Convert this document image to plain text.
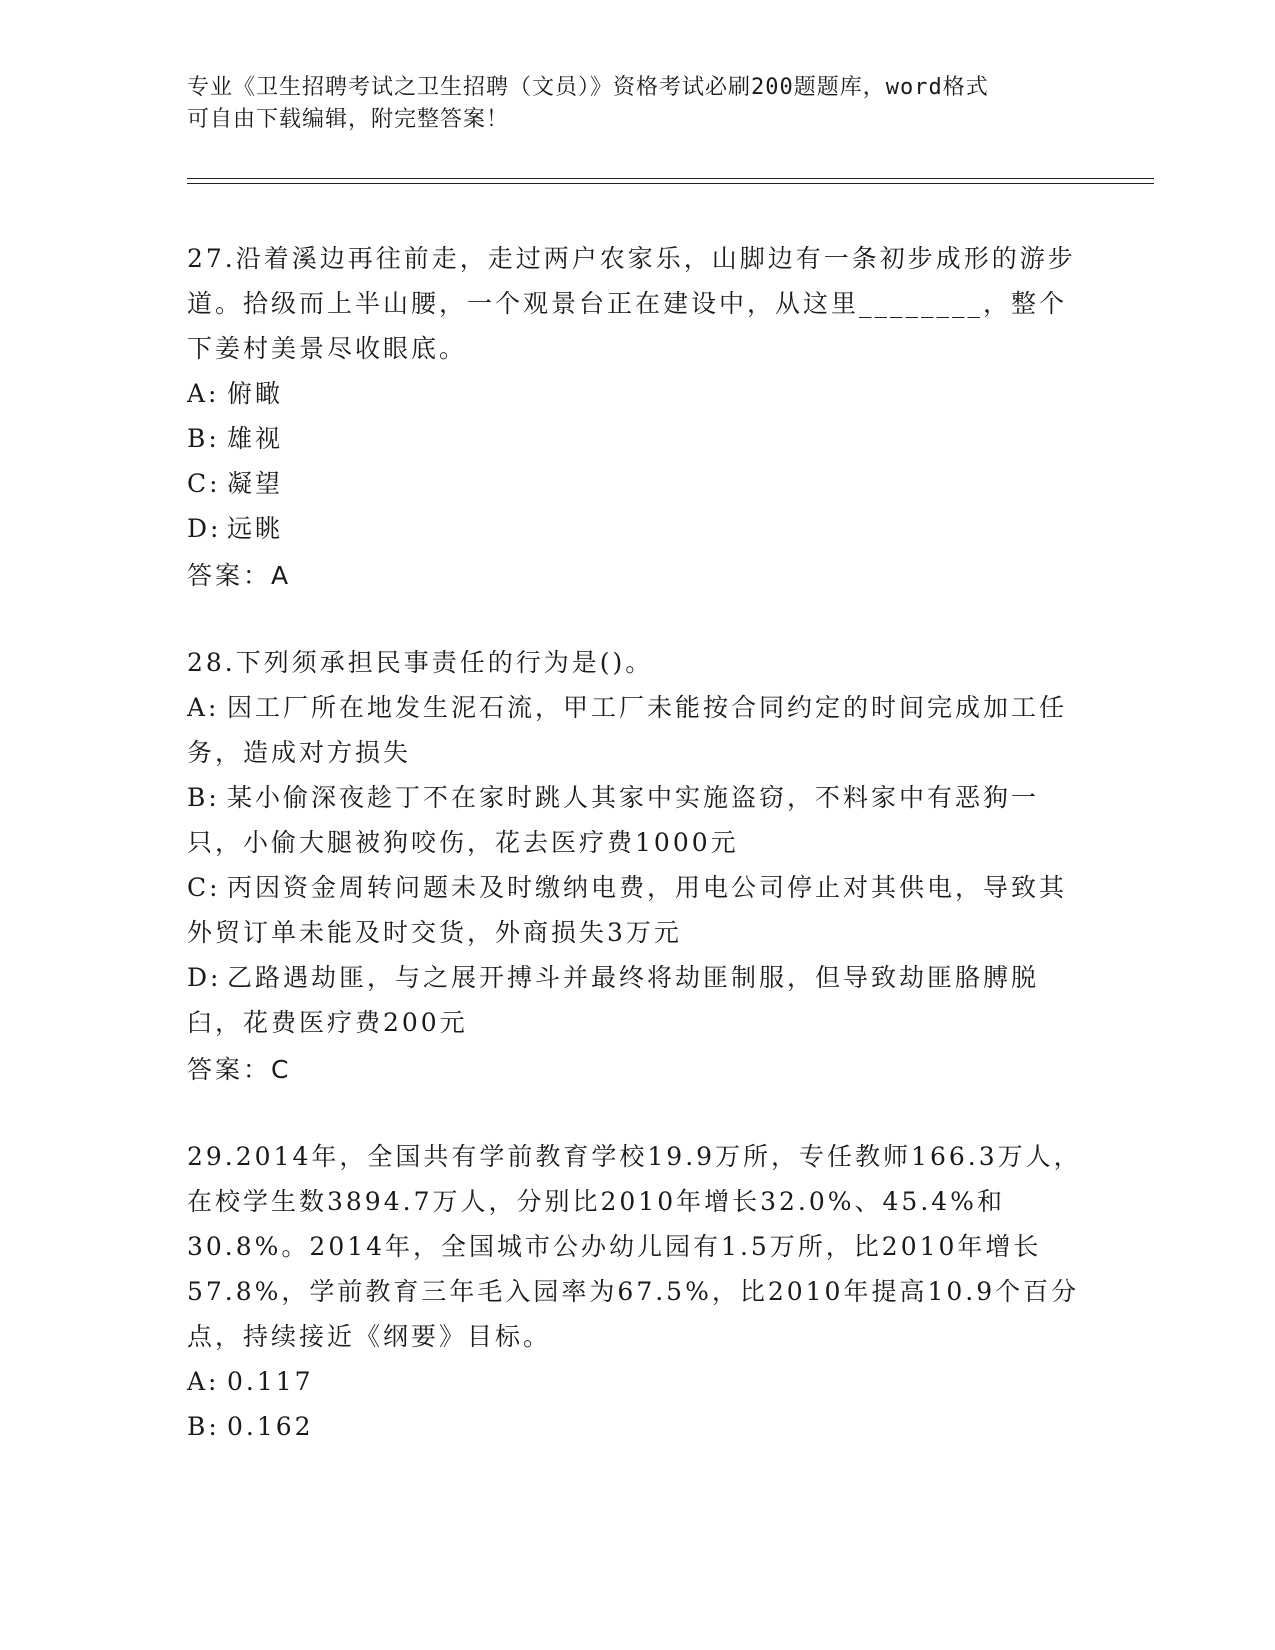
专业《卫生招聘考试之卫生招聘（文员）》资格考试必刷200题题库，word格式
可自由下载编辑，附完整答案！
27.沿着溪边再往前走，走过两户农家乐，山脚边有一条初步成形的游步道。拾级而上半山腰，一个观景台正在建设中，从这里________，整个下姜村美景尽收眼底。
A: 俯瞰
B: 雄视
C: 凝望
D: 远眺
答案：A
28.下列须承担民事责任的行为是()。
A: 因工厂所在地发生泥石流，甲工厂未能按合同约定的时间完成加工任务，造成对方损失
B: 某小偷深夜趁丁不在家时跳人其家中实施盗窃，不料家中有恶狗一只，小偷大腿被狗咬伤，花去医疗费1000元
C: 丙因资金周转问题未及时缴纳电费，用电公司停止对其供电，导致其外贸订单未能及时交货，外商损失3万元
D: 乙路遇劫匪，与之展开搏斗并最终将劫匪制服，但导致劫匪胳膊脱臼，花费医疗费200元
答案：C
29.2014年，全国共有学前教育学校19.9万所，专任教师166.3万人，在校学生数3894.7万人，分别比2010年增长32.0%、45.4%和30.8%。2014年，全国城市公办幼儿园有1.5万所，比2010年增长57.8%，学前教育三年毛入园率为67.5%，比2010年提高10.9个百分点，持续接近《纲要》目标。
A: 0.117
B: 0.162
